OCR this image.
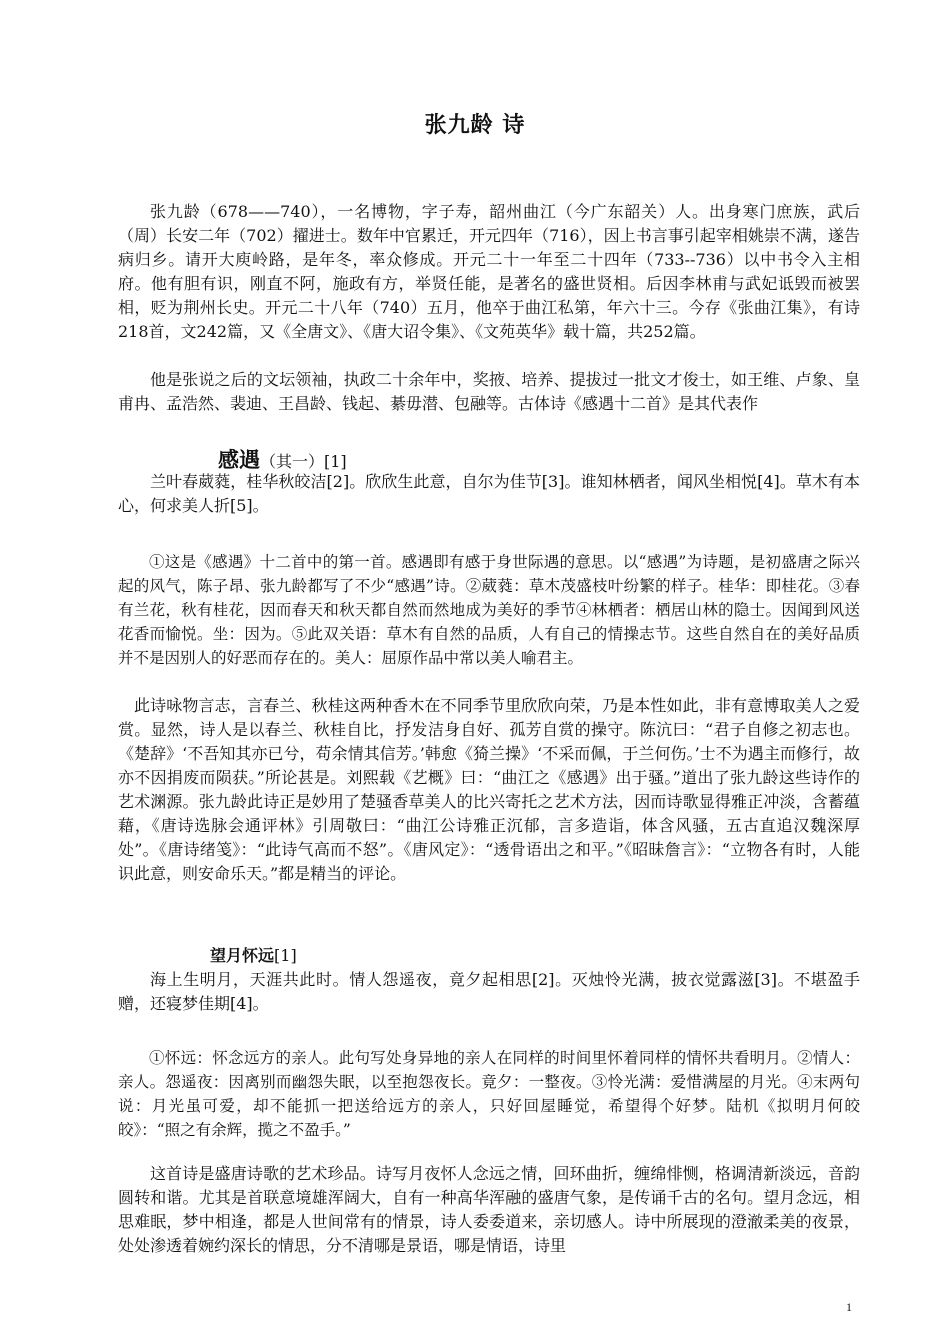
张九龄 诗

张九龄（678——740），一名博物，字子寿，韶州曲江（今广东韶关）人。出身寒门庶族，武后（周）长安二年（702）擢进士。数年中官累迁，开元四年（716），因上书言事引起宰相姚崇不满，遂告病归乡。请开大庾岭路，是年冬，率众修成。开元二十一年至二十四年（733--736）以中书令入主相府。他有胆有识，刚直不阿，施政有方，举贤任能，是著名的盛世贤相。后因李林甫与武妃诋毁而被罢相，贬为荆州长史。开元二十八年（740）五月，他卒于曲江私第，年六十三。今存《张曲江集》，有诗218首，文242篇，又《全唐文》、《唐大诏令集》、《文苑英华》载十篇，共252篇。

他是张说之后的文坛领袖，执政二十余年中，奖掖、培养、提拔过一批文才俊士，如王维、卢象、皇甫冉、孟浩然、裴迪、王昌龄、钱起、綦毋潜、包融等。古体诗《感遇十二首》是其代表作

感遇（其一）[1]

兰叶春葳蕤，桂华秋皎洁[2]。欣欣生此意，自尔为佳节[3]。谁知林栖者，闻风坐相悦[4]。草木有本心，何求美人折[5]。

①这是《感遇》十二首中的第一首。感遇即有感于身世际遇的意思。以“感遇”为诗题，是初盛唐之际兴起的风气，陈子昂、张九龄都写了不少“感遇”诗。②葳蕤：草木茂盛枝叶纷繁的样子。桂华：即桂花。③春有兰花，秋有桂花，因而春天和秋天都自然而然地成为美好的季节④林栖者：栖居山林的隐士。因闻到风送花香而愉悦。坐：因为。⑤此双关语：草木有自然的品质，人有自己的情操志节。这些自然自在的美好品质并不是因别人的好恶而存在的。美人：屈原作品中常以美人喻君主。

此诗咏物言志，言春兰、秋桂这两种香木在不同季节里欣欣向荣，乃是本性如此，非有意博取美人之爱赏。显然，诗人是以春兰、秋桂自比，抒发洁身自好、孤芳自赏的操守。陈沆曰：“君子自修之初志也。《楚辞》‘不吾知其亦已兮，苟余情其信芳。’韩愈《猗兰操》‘不采而佩，于兰何伤。’士不为遇主而修行，故亦不因捐废而陨获。”所论甚是。刘熙载《艺概》曰：“曲江之《感遇》出于骚。”道出了张九龄这些诗作的艺术渊源。张九龄此诗正是妙用了楚骚香草美人的比兴寄托之艺术方法，因而诗歌显得雅正冲淡，含蓄蕴藉，《唐诗选脉会通评林》引周敬曰：“曲江公诗雅正沉郁，言多造诣，体含风骚，五古直追汉魏深厚处”。《唐诗绪笺》：“此诗气高而不怒”。《唐风定》：“透骨语出之和平。”《昭昧詹言》：“立物各有时，人能识此意，则安命乐天。”都是精当的评论。

望月怀远[1]

海上生明月，天涯共此时。情人怨遥夜，竟夕起相思[2]。灭烛怜光满，披衣觉露滋[3]。不堪盈手赠，还寝梦佳期[4]。

①怀远：怀念远方的亲人。此句写处身异地的亲人在同样的时间里怀着同样的情怀共看明月。②情人：亲人。怨遥夜：因离别而幽怨失眠，以至抱怨夜长。竟夕：一整夜。③怜光满：爱惜满屋的月光。④末两句说：月光虽可爱，却不能抓一把送给远方的亲人，只好回屋睡觉，希望得个好梦。陆机《拟明月何皎皎》：“照之有余辉，揽之不盈手。”

这首诗是盛唐诗歌的艺术珍品。诗写月夜怀人念远之情，回环曲折，缠绵悱恻，格调清新淡远，音韵圆转和谐。尤其是首联意境雄浑阔大，自有一种高华浑融的盛唐气象，是传诵千古的名句。望月念远，相思难眠，梦中相逢，都是人世间常有的情景，诗人委委道来，亲切感人。诗中所展现的澄澈柔美的夜景，处处渗透着婉约深长的情思，分不清哪是景语，哪是情语，诗里

1
